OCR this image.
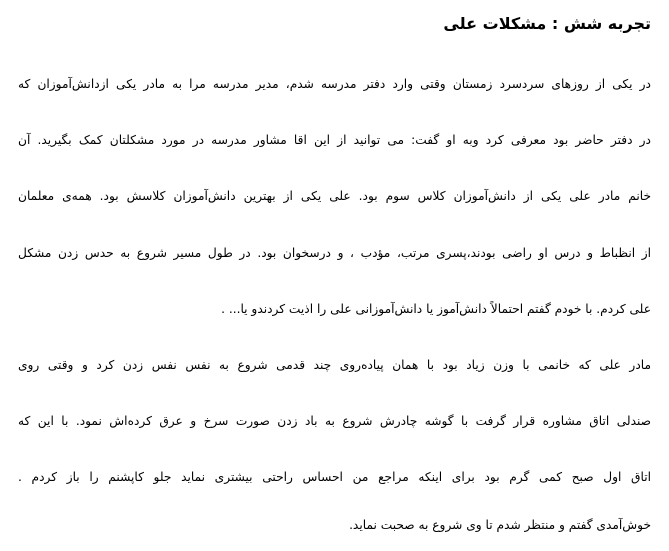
تجربه شش : مشکلات علی
در یکی از روزهای سردسرد زمستان وقتی وارد دفتر مدرسه شدم، مدیر مدرسه مرا به مادر یکی ازدانش‌آموزان که
در دفتر حاضر بود معرفی کرد وبه او گفت: می توانید از این اقا مشاور مدرسه در مورد مشکلتان کمک بگیرید. آن
خانم مادر علی یکی از دانش‌آموزان کلاس سوم بود. علی یکی از بهترین دانش‌آموزان کلاسش بود. همه‌ی معلمان
از انظباط و درس او راضی بودند،پسری مرتب، مؤدب ، و درسخوان بود. در طول مسیر شروع به حدس زدن مشکل
علی کردم. با خودم گفتم احتمالاً دانش‌آموز یا دانش‌آموزانی علی را اذیت کردندو یا... .
مادر علی که خانمی با وزن زیاد بود با همان پیاده‌روی چند قدمی شروع به نفس نفس زدن کرد و وقتی روی
صندلی اتاق مشاوره قرار گرفت با گوشه چادرش شروع به باد زدن صورت سرخ و عرق کرده‌اش نمود. با این که
اتاق اول صبح کمی گرم بود برای اینکه مراجع من احساس راحتی بیشتری نماید جلو کاپشنم را باز کردم .
خوش‌آمدی گفتم و منتظر شدم تا وی شروع به صحبت نماید.
